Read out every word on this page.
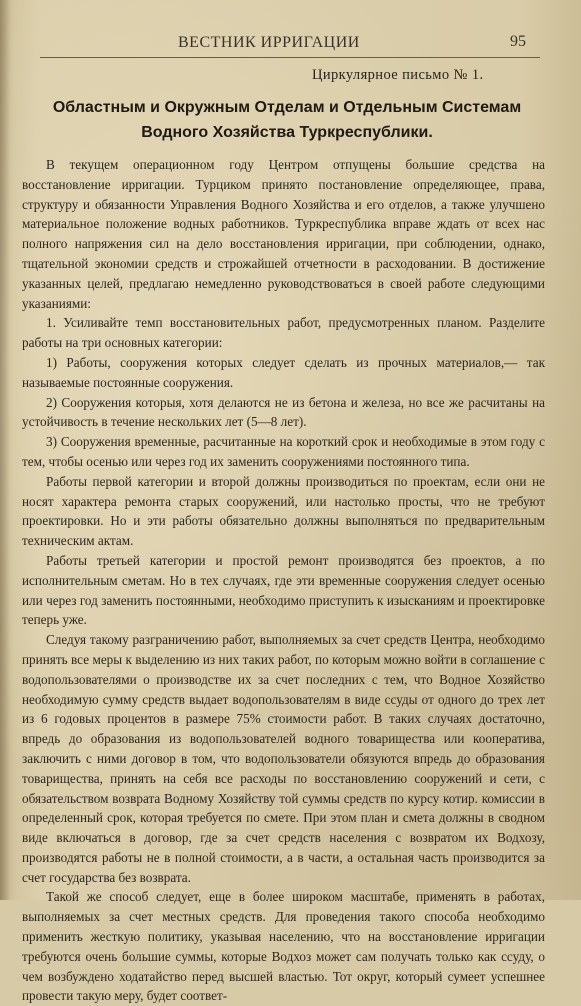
ВЕСТНИК ИРРИГАЦИИ	95
Циркулярное письмо № 1.
Областным и Окружным Отделам и Отдельным Системам Водного Хозяйства Туркреспублики.

В текущем операционном году Центром отпущены большие средства на восстановление ирригации. Турциком принято постановление определяющее, права, структуру и обязанности Управления Водного Хозяйства и его отделов, а также улучшено материальное положение водных работников. Туркреспублика вправе ждать от всех нас полного напряжения сил на дело восстановления ирригации, при соблюдении, однако, тщательной экономии средств и строжайшей отчетности в расходовании. В достижение указанных целей, предлагаю немедленно руководствоваться в своей работе следующими указаниями:

1. Усиливайте темп восстановительных работ, предусмотренных планом. Разделите работы на три основных категории:

1) Работы, сооружения которых следует сделать из прочных материалов,— так называемые постоянные сооружения.

2) Сооружения которыя, хотя делаются не из бетона и железа, но все же расчитаны на устойчивость в течение нескольких лет (5—8 лет).

3) Сооружения временные, расчитанные на короткий срок и необходимые в этом году с тем, чтобы осенью или через год их заменить сооружениями постоянного типа.

Работы первой категории и второй должны производиться по проектам, если они не носят характера ремонта старых сооружений, или настолько просты, что не требуют проектировки. Но и эти работы обязательно должны выполняться по предварительным техническим актам.

Работы третьей категории и простой ремонт производятся без проектов, а по исполнительным сметам. Но в тех случаях, где эти временные сооружения следует осенью или через год заменить постоянными, необходимо приступить к изысканиям и проектировке теперь уже.

Следуя такому разграничению работ, выполняемых за счет средств Центра, необходимо принять все меры к выделению из них таких работ, по которым можно войти в соглашение с водопользователями о производстве их за счет последних с тем, что Водное Хозяйство необходимую сумму средств выдает водопользователям в виде ссуды от одного до трех лет из 6 годовых процентов в размере 75% стоимости работ. В таких случаях достаточно, впредь до образования из водопользователей водного товарищества или кооператива, заключить с ними договор в том, что водопользователи обязуются впредь до образования товарищества, принять на себя все расходы по восстановлению сооружений и сети, с обязательством возврата Водному Хозяйству той суммы средств по курсу котир. комиссии в определенный срок, которая требуется по смете. При этом план и смета должны в сводном виде включаться в договор, где за счет средств населения с возвратом их Водхозу, производятся работы не в полной стоимости, а в части, а остальная часть производится за счет государства без возврата.

Такой же способ следует, еще в более широком масштабе, применять в работах, выполняемых за счет местных средств. Для проведения такого способа необходимо применить жесткую политику, указывая населению, что на восстановление ирригации требуются очень большие суммы, которые Водхоз может сам получать только как ссуду, о чем возбуждено ходатайство перед высшей властью. Тот округ, который сумеет успешнее провести такую меру, будет соответ-
